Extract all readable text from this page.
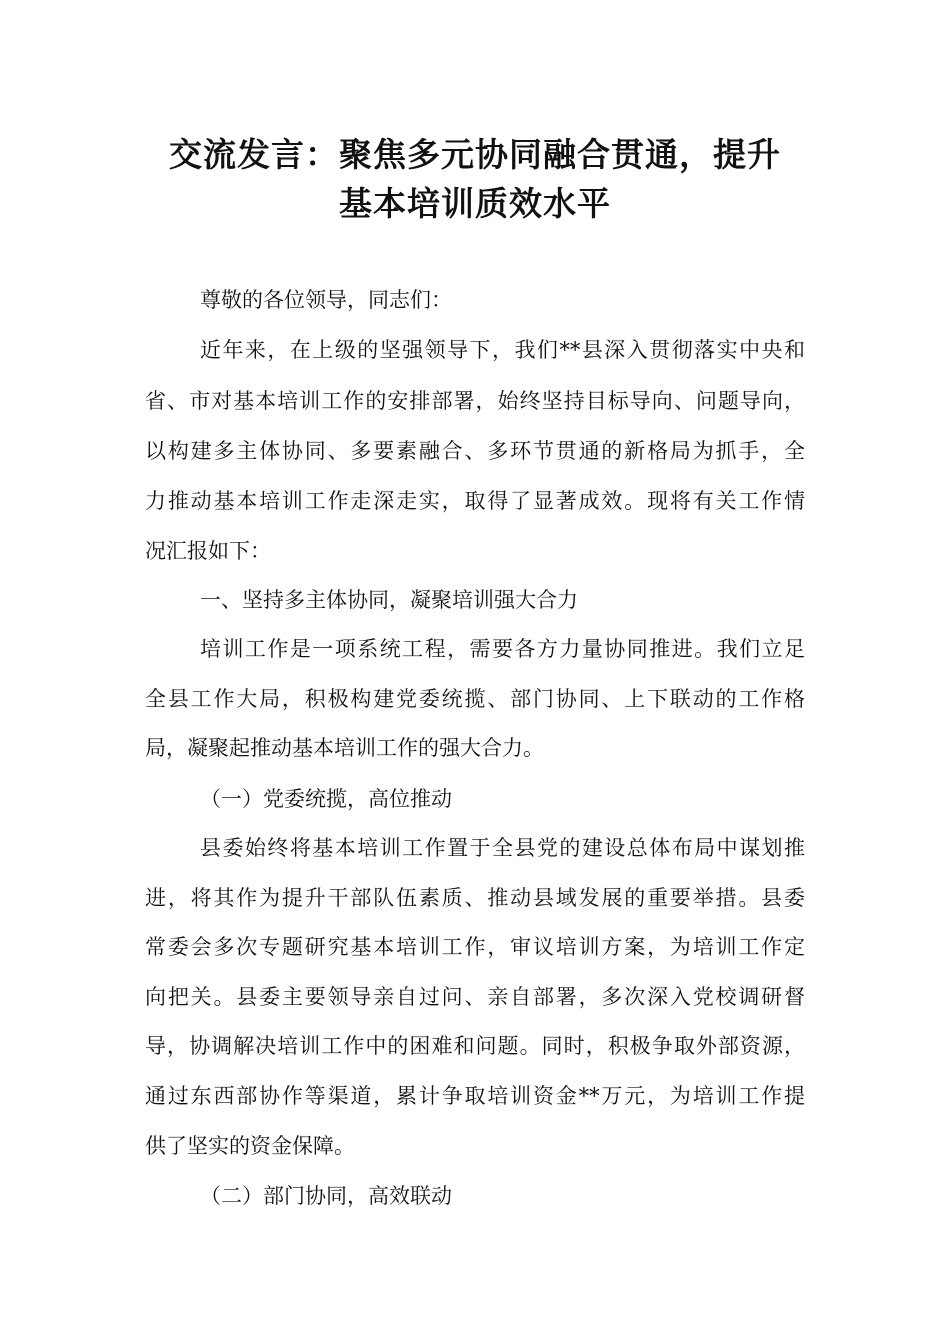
交流发言：聚焦多元协同融合贯通，提升
基本培训质效水平

尊敬的各位领导，同志们：

近年来，在上级的坚强领导下，我们**县深入贯彻落实中央和

省、市对基本培训工作的安排部署，始终坚持目标导向、问题导向，

以构建多主体协同、多要素融合、多环节贯通的新格局为抓手，全

力推动基本培训工作走深走实，取得了显著成效。现将有关工作情

况汇报如下：

一、坚持多主体协同，凝聚培训强大合力

培训工作是一项系统工程，需要各方力量协同推进。我们立足

全县工作大局，积极构建党委统揽、部门协同、上下联动的工作格

局，凝聚起推动基本培训工作的强大合力。

（一）党委统揽，高位推动

县委始终将基本培训工作置于全县党的建设总体布局中谋划推

进，将其作为提升干部队伍素质、推动县域发展的重要举措。县委

常委会多次专题研究基本培训工作，审议培训方案，为培训工作定

向把关。县委主要领导亲自过问、亲自部署，多次深入党校调研督

导，协调解决培训工作中的困难和问题。同时，积极争取外部资源，

通过东西部协作等渠道，累计争取培训资金**万元，为培训工作提

供了坚实的资金保障。

（二）部门协同，高效联动
